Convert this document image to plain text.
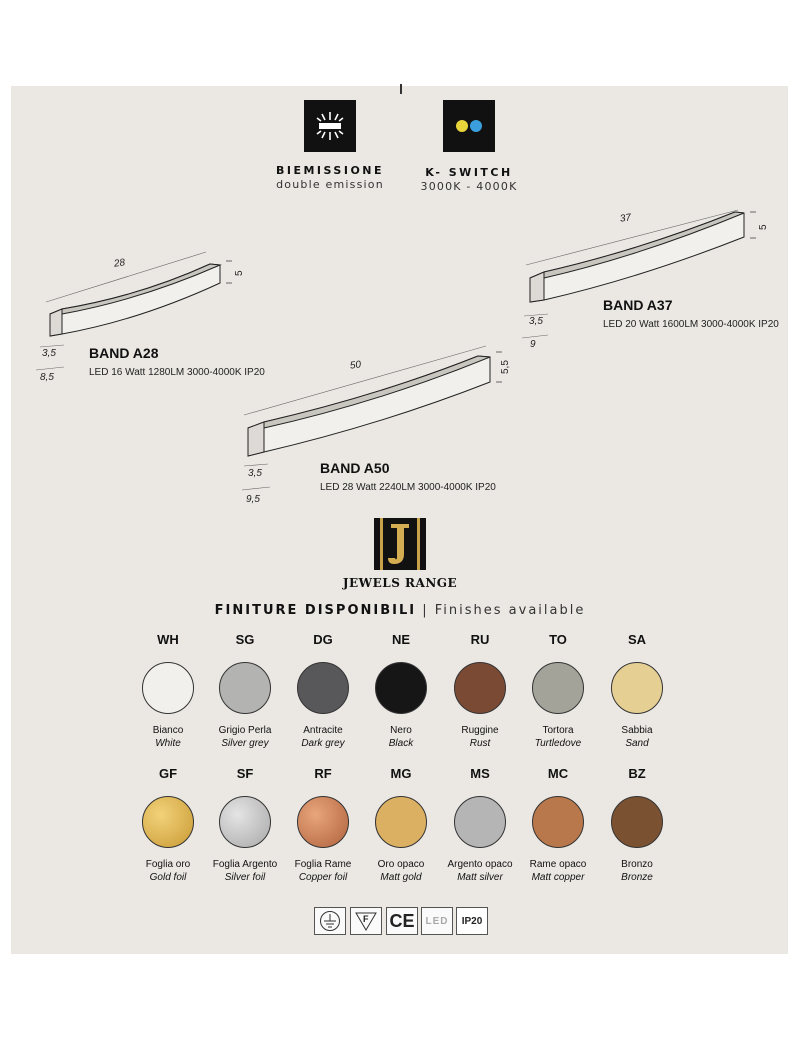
BIEMISSIONE
double emission
K- SWITCH
3000K - 4000K
28
5
3,5
8,5
BAND A28
LED 16 Watt 1280LM 3000-4000K IP20
37
5
3,5
9
BAND A37
LED 20 Watt 1600LM 3000-4000K IP20
50	5,5
3,5
9,5
BAND A50
LED 28 Watt 2240LM 3000-4000K IP20
JEWELS RANGE
FINITURE DISPONIBILI | Finishes available
WH
Bianco
White
SG
Grigio Perla
Silver grey
DG
Antracite
Dark grey
NE
Nero
Black
RU
Ruggine
Rust
TO
Tortora
Turtledove
SA
Sabbia
Sand
GF
Foglia oro
Gold foil
SF
Foglia Argento
Silver foil
RF
Foglia Rame
Copper foil
MG
Oro opaco
Matt gold
MS
Argento opaco
Matt silver
MC
Rame opaco
Matt copper
BZ
Bronzo
Bronze
F CE	LED	IP20
